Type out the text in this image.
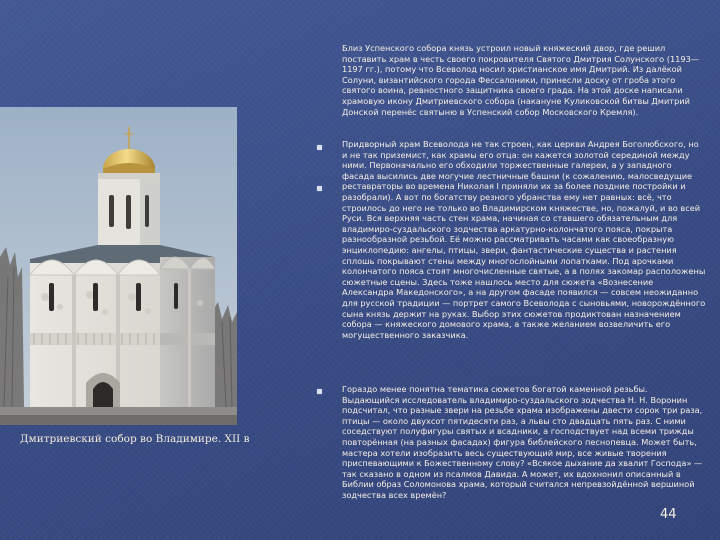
Дмитриевский собор во Владимире. XII в

Близ Успенского собора князь устроил новый княжеский двор, где решил поставить храм в честь своего покровителя Святого Дмитрия Солунского (1193—1197 гг.), потому что Всеволод носил христианское имя Дмитрий. Из далёкой Солуни, византийского города Фессалоники, принесли доску от гроба этого святого воина, ревностного защитника своего града. На этой доске написали храмовую икону Дмитриевского собора (накануне Куликовской битвы Дмитрий Донской перенёс святыню в Успенский собор Московского Кремля).

Придворный храм Всеволода не так строен, как церкви Андрея Боголюбского, но и не так приземист, как храмы его отца: он кажется золотой серединой между ними. Первоначально его обходили торжественные галереи, а у западного фасада высились две могучие лестничные башни (к сожалению, малосведущие реставраторы во времена Николая I приняли их за более поздние постройки и разобрали). А вот по богатству резного убранства ему нет равных: всё, что строилось до него не только во Владимирском княжестве, но, пожалуй, и во всей Руси. Вся верхняя часть стен храма, начиная со ставшего обязательным для владимиро-суздальского зодчества аркатурно-колончатого пояса, покрыта разнообразной резьбой. Её можно рассматривать часами как своеобразную энциклопедию: ангелы, птицы, звери, фантастические существа и растения сплошь покрывают стены между многослойными лопатками. Под арочками колончатого пояса стоят многочисленные святые, а в полях закомар расположены сюжетные сцены. Здесь тоже нашлось место для сюжета «Вознесение Александра Македонского», а на другом фасаде появился — совсем неожиданно для русской традиции — портрет самого Всеволода с сыновьями, новорождённого сына князь держит на руках. Выбор этих сюжетов продиктован назначением собора — княжеского домового храма, а также желанием возвеличить его могущественного заказчика.

Гораздо менее понятна тематика сюжетов богатой каменной резьбы. Выдающийся исследователь владимиро-суздальского зодчества Н. Н. Воронин подсчитал, что разные звери на резьбе храма изображены двести сорок три раза, птицы — около двухсот пятидесяти раз, а львы сто двадцать пять раз. С ними соседствуют полуфигуры святых и всадники, а господствует над всеми трижды повторённая (на разных фасадах) фигура библейского песнопевца. Может быть, мастера хотели изобразить весь существующий мир, все живые творения приспевающими к Божественному слову? «Всякое дыхание да хвалит Господа» — так сказано в одном из псалмов Давида. А может, их вдохнонил описанный в Библии образ Соломонова храма, который считался непревзойдённой вершиной зодчества всех времён?

44
